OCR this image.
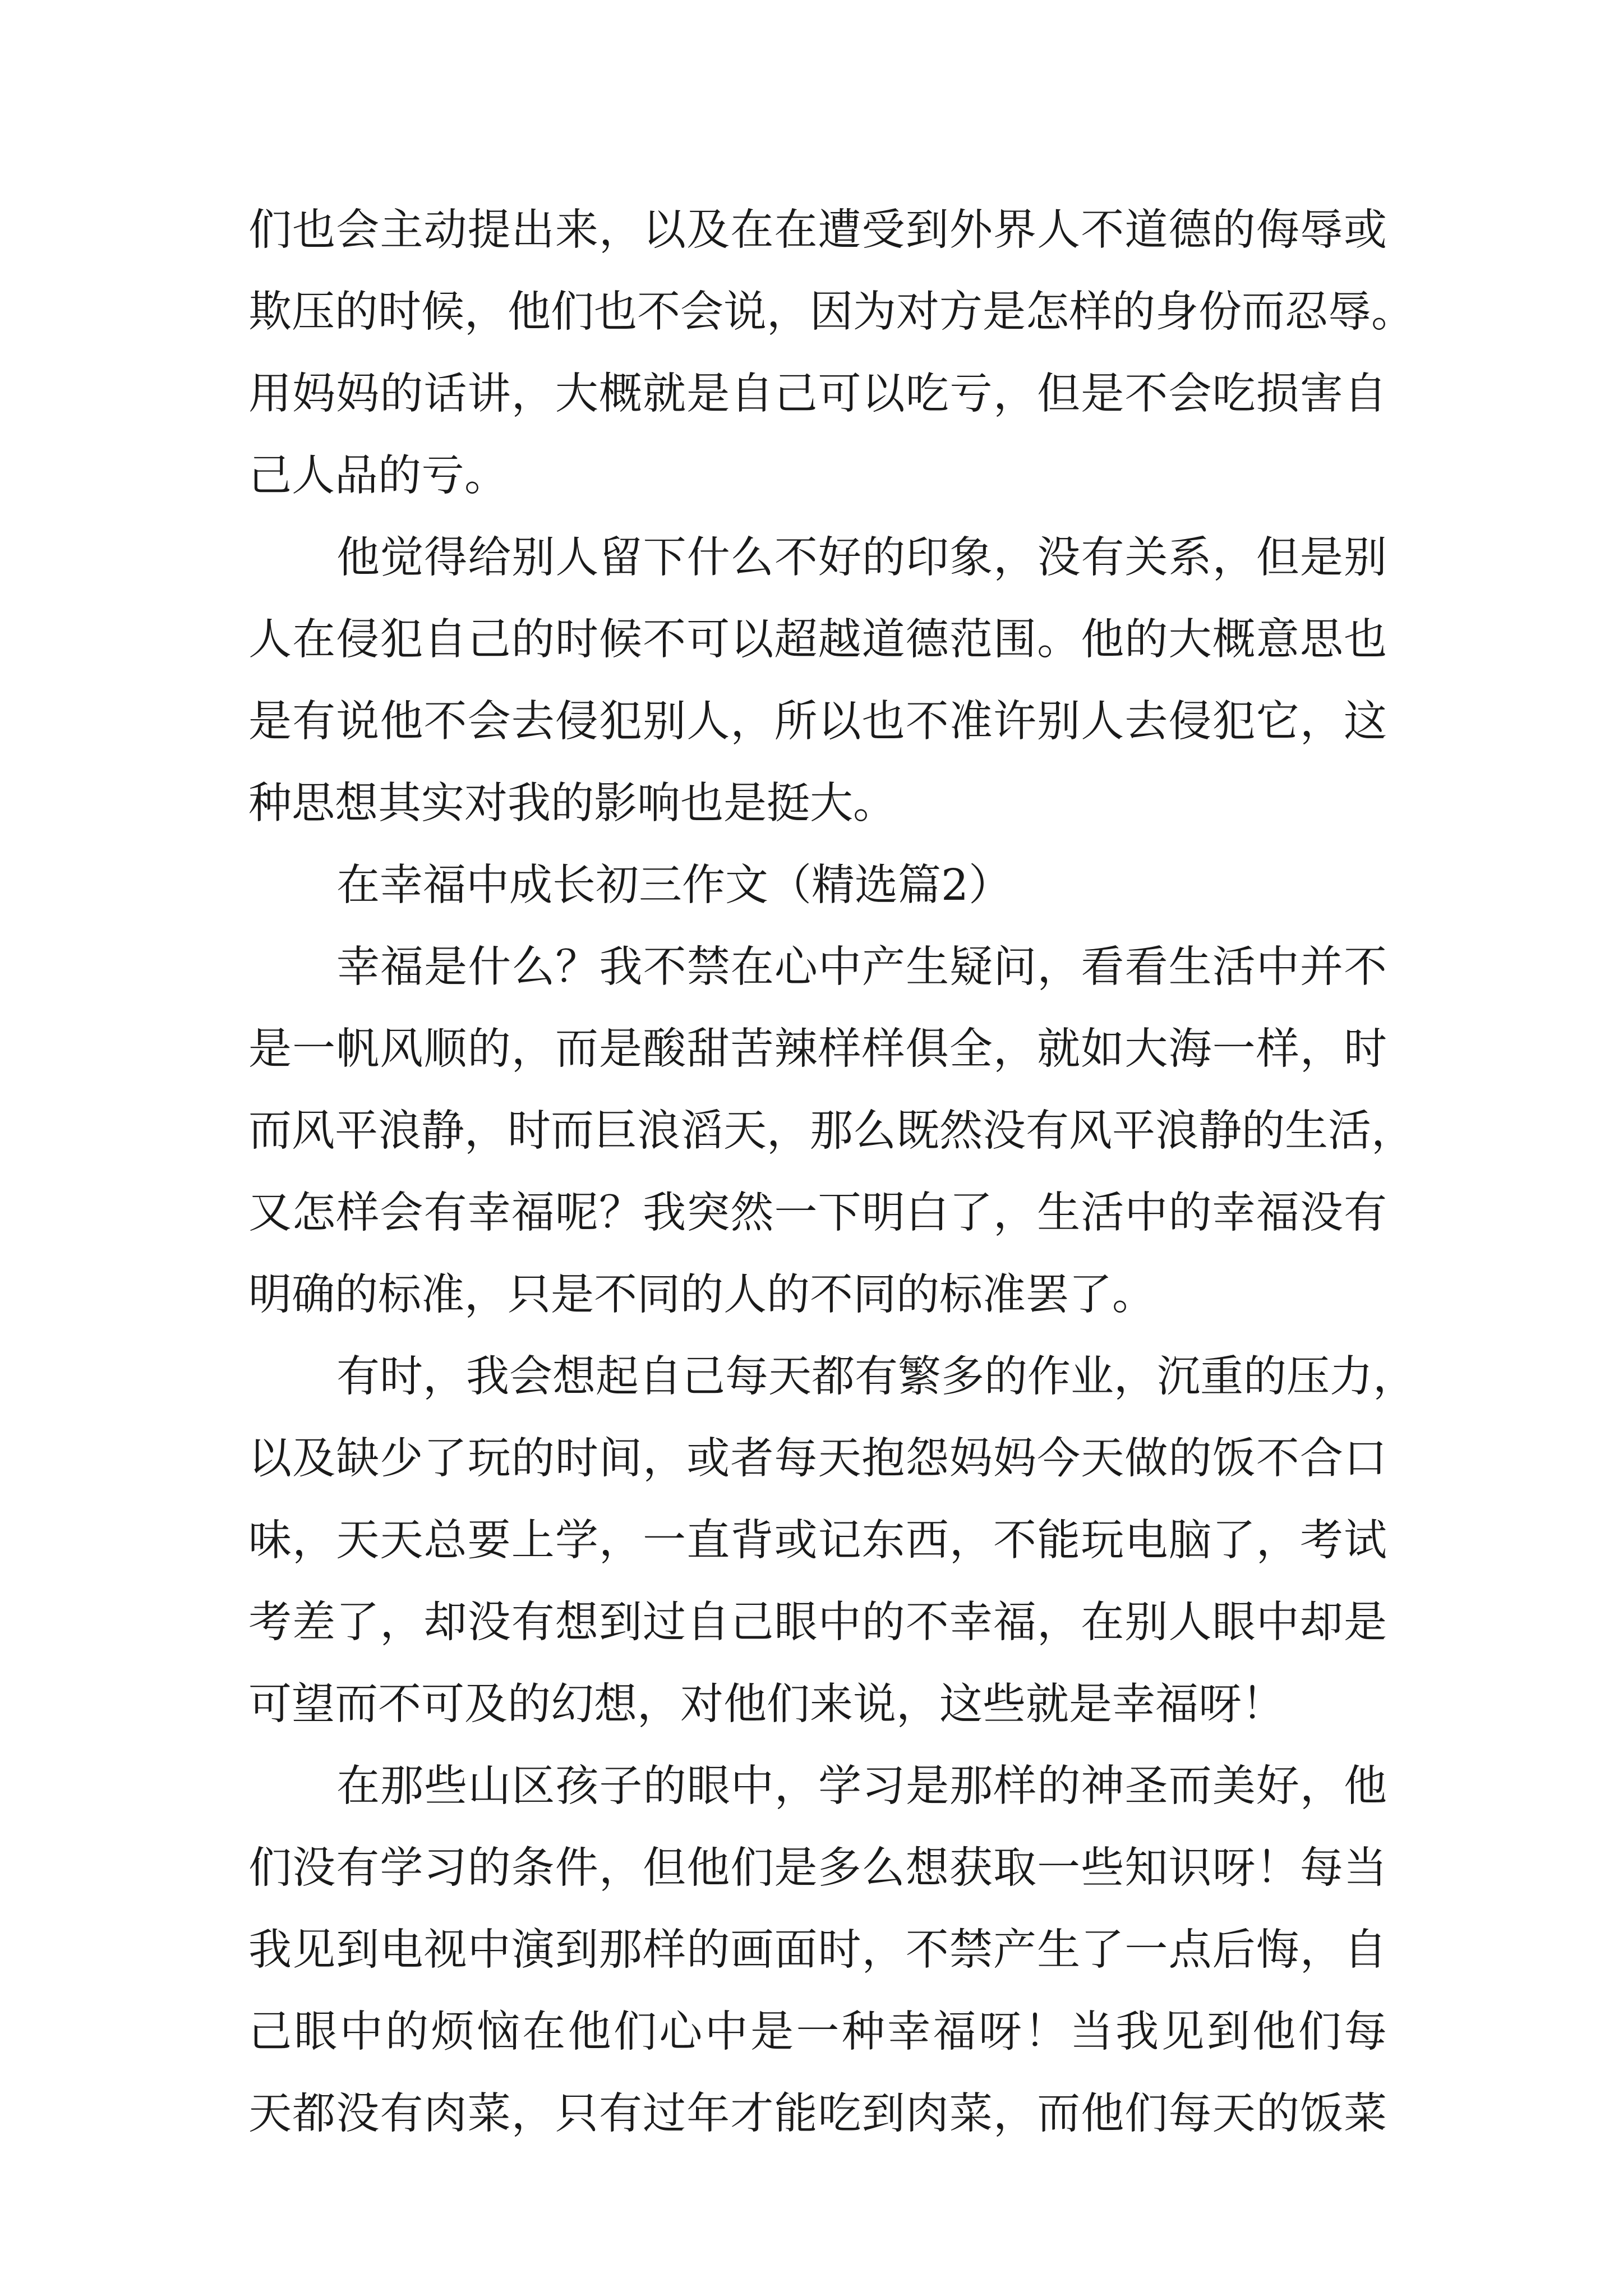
们也会主动提出来，以及在在遭受到外界人不道德的侮辱或
欺压的时候，他们也不会说，因为对方是怎样的身份而忍辱。
用妈妈的话讲，大概就是自己可以吃亏，但是不会吃损害自
己人品的亏。
他觉得给别人留下什么不好的印象，没有关系，但是别
人在侵犯自己的时候不可以超越道德范围。他的大概意思也
是有说他不会去侵犯别人，所以也不准许别人去侵犯它，这
种思想其实对我的影响也是挺大。
在幸福中成长初三作文（精选篇2）
幸福是什么？我不禁在心中产生疑问，看看生活中并不
是一帆风顺的，而是酸甜苦辣样样俱全，就如大海一样，时
而风平浪静，时而巨浪滔天，那么既然没有风平浪静的生活，
又怎样会有幸福呢？我突然一下明白了，生活中的幸福没有
明确的标准，只是不同的人的不同的标准罢了。
有时，我会想起自己每天都有繁多的作业，沉重的压力，
以及缺少了玩的时间，或者每天抱怨妈妈今天做的饭不合口
味，天天总要上学，一直背或记东西，不能玩电脑了，考试
考差了，却没有想到过自己眼中的不幸福，在别人眼中却是
可望而不可及的幻想，对他们来说，这些就是幸福呀！
在那些山区孩子的眼中，学习是那样的神圣而美好，他
们没有学习的条件，但他们是多么想获取一些知识呀！每当
我见到电视中演到那样的画面时，不禁产生了一点后悔，自
己眼中的烦恼在他们心中是一种幸福呀！当我见到他们每
天都没有肉菜，只有过年才能吃到肉菜，而他们每天的饭菜
